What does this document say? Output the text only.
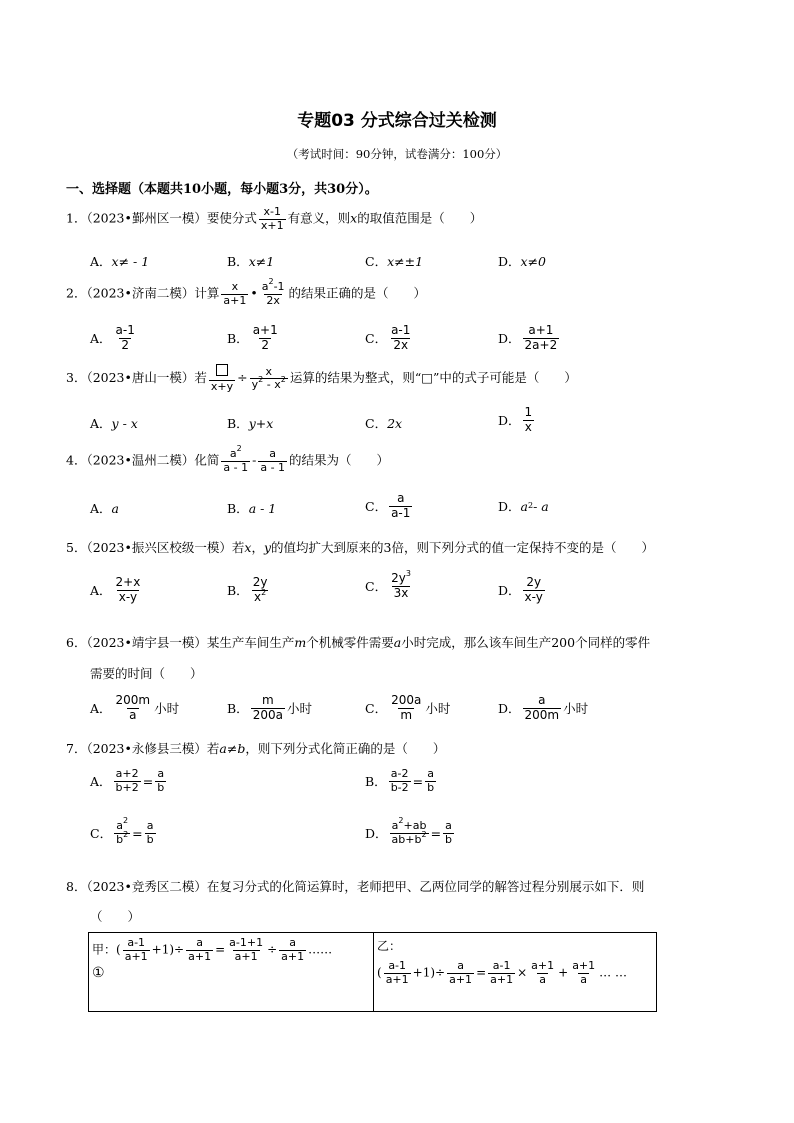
专题03 分式综合过关检测
（考试时间：90分钟，试卷满分：100分）
一、选择题（本题共10小题，每小题3分，共30分）。
1．（2023•鄞州区一模）要使分式 $\frac{x-1}{x+1}$ 有意义，则x的取值范围是（　　）
A． x≠ - 1	B． x≠1	C． x≠±1	D． x≠0
2．（2023•济南二模）计算 $\frac{x}{a+1}$ • $\frac{a^2-1}{2x}$ 的结果正确的是（　　）
A． $\frac{a-1}{2}$	B． $\frac{a+1}{2}$	C． $\frac{a-1}{2x}$	D． $\frac{a+1}{2a+2}$
3．（2023•唐山一模）若
x+y
÷ $\frac{x}{y^2 - x^2}$ 运算的结果为整式，则“□”中的式子可能是（　　）
A． y - x	B． y+x	C． 2x	D． $\frac{1}{x}$
4．（2023•温州二模）化简 $\frac{a^2}{a - 1} - \frac{a}{a - 1}$ 的结果为（　　）
A． a	B． a - 1	C． $\frac{a}{a-1}$	D． a 2 - a
5．（2023•振兴区校级一模）若x，y的值均扩大到原来的3倍，则下列分式的值一定保持不变的是（　　）
A． $\frac{2+x}{x-y}$	B． $\frac{2y}{x^2}$	C． $\frac{2y^3}{3x}$	D． $\frac{2y}{x-y}$
6．（2023•靖宇县一模）某生产车间生产m个机械零件需要a小时完成，那么该车间生产200个同样的零件
需要的时间（　　）
A． $\frac{200m}{a}$ 小时	B． $\frac{m}{200a}$ 小时	C． $\frac{200a}{m}$ 小时	D． $\frac{a}{200m}$ 小时
7．（2023•永修县三模）若a≠b，则下列分式化简正确的是（　　）
A． $\frac{a+2}{b+2} = \frac{a}{b}$	B． $\frac{a-2}{b-2} = \frac{a}{b}$
C． $\frac{a^2}{b^2} = \frac{a}{b}$	D． $\frac{a^2+ab}{ab+b^2} = \frac{a}{b}$
8．（2023•竞秀区二模）在复习分式的化简运算时，老师把甲、乙两位同学的解答过程分别展示如下．则
（　　）
甲：( $\frac{a-1}{a+1} +1)\div \frac{a}{a+1} = \frac{a-1+1}{a+1} \div \frac{a}{a+1}$ ……
①

乙：
( $\frac{a-1}{a+1} +1)\div \frac{a}{a+1} = \frac{a-1}{a+1} \times \frac{a+1}{a} + \frac{a+1}{a}$ … …
